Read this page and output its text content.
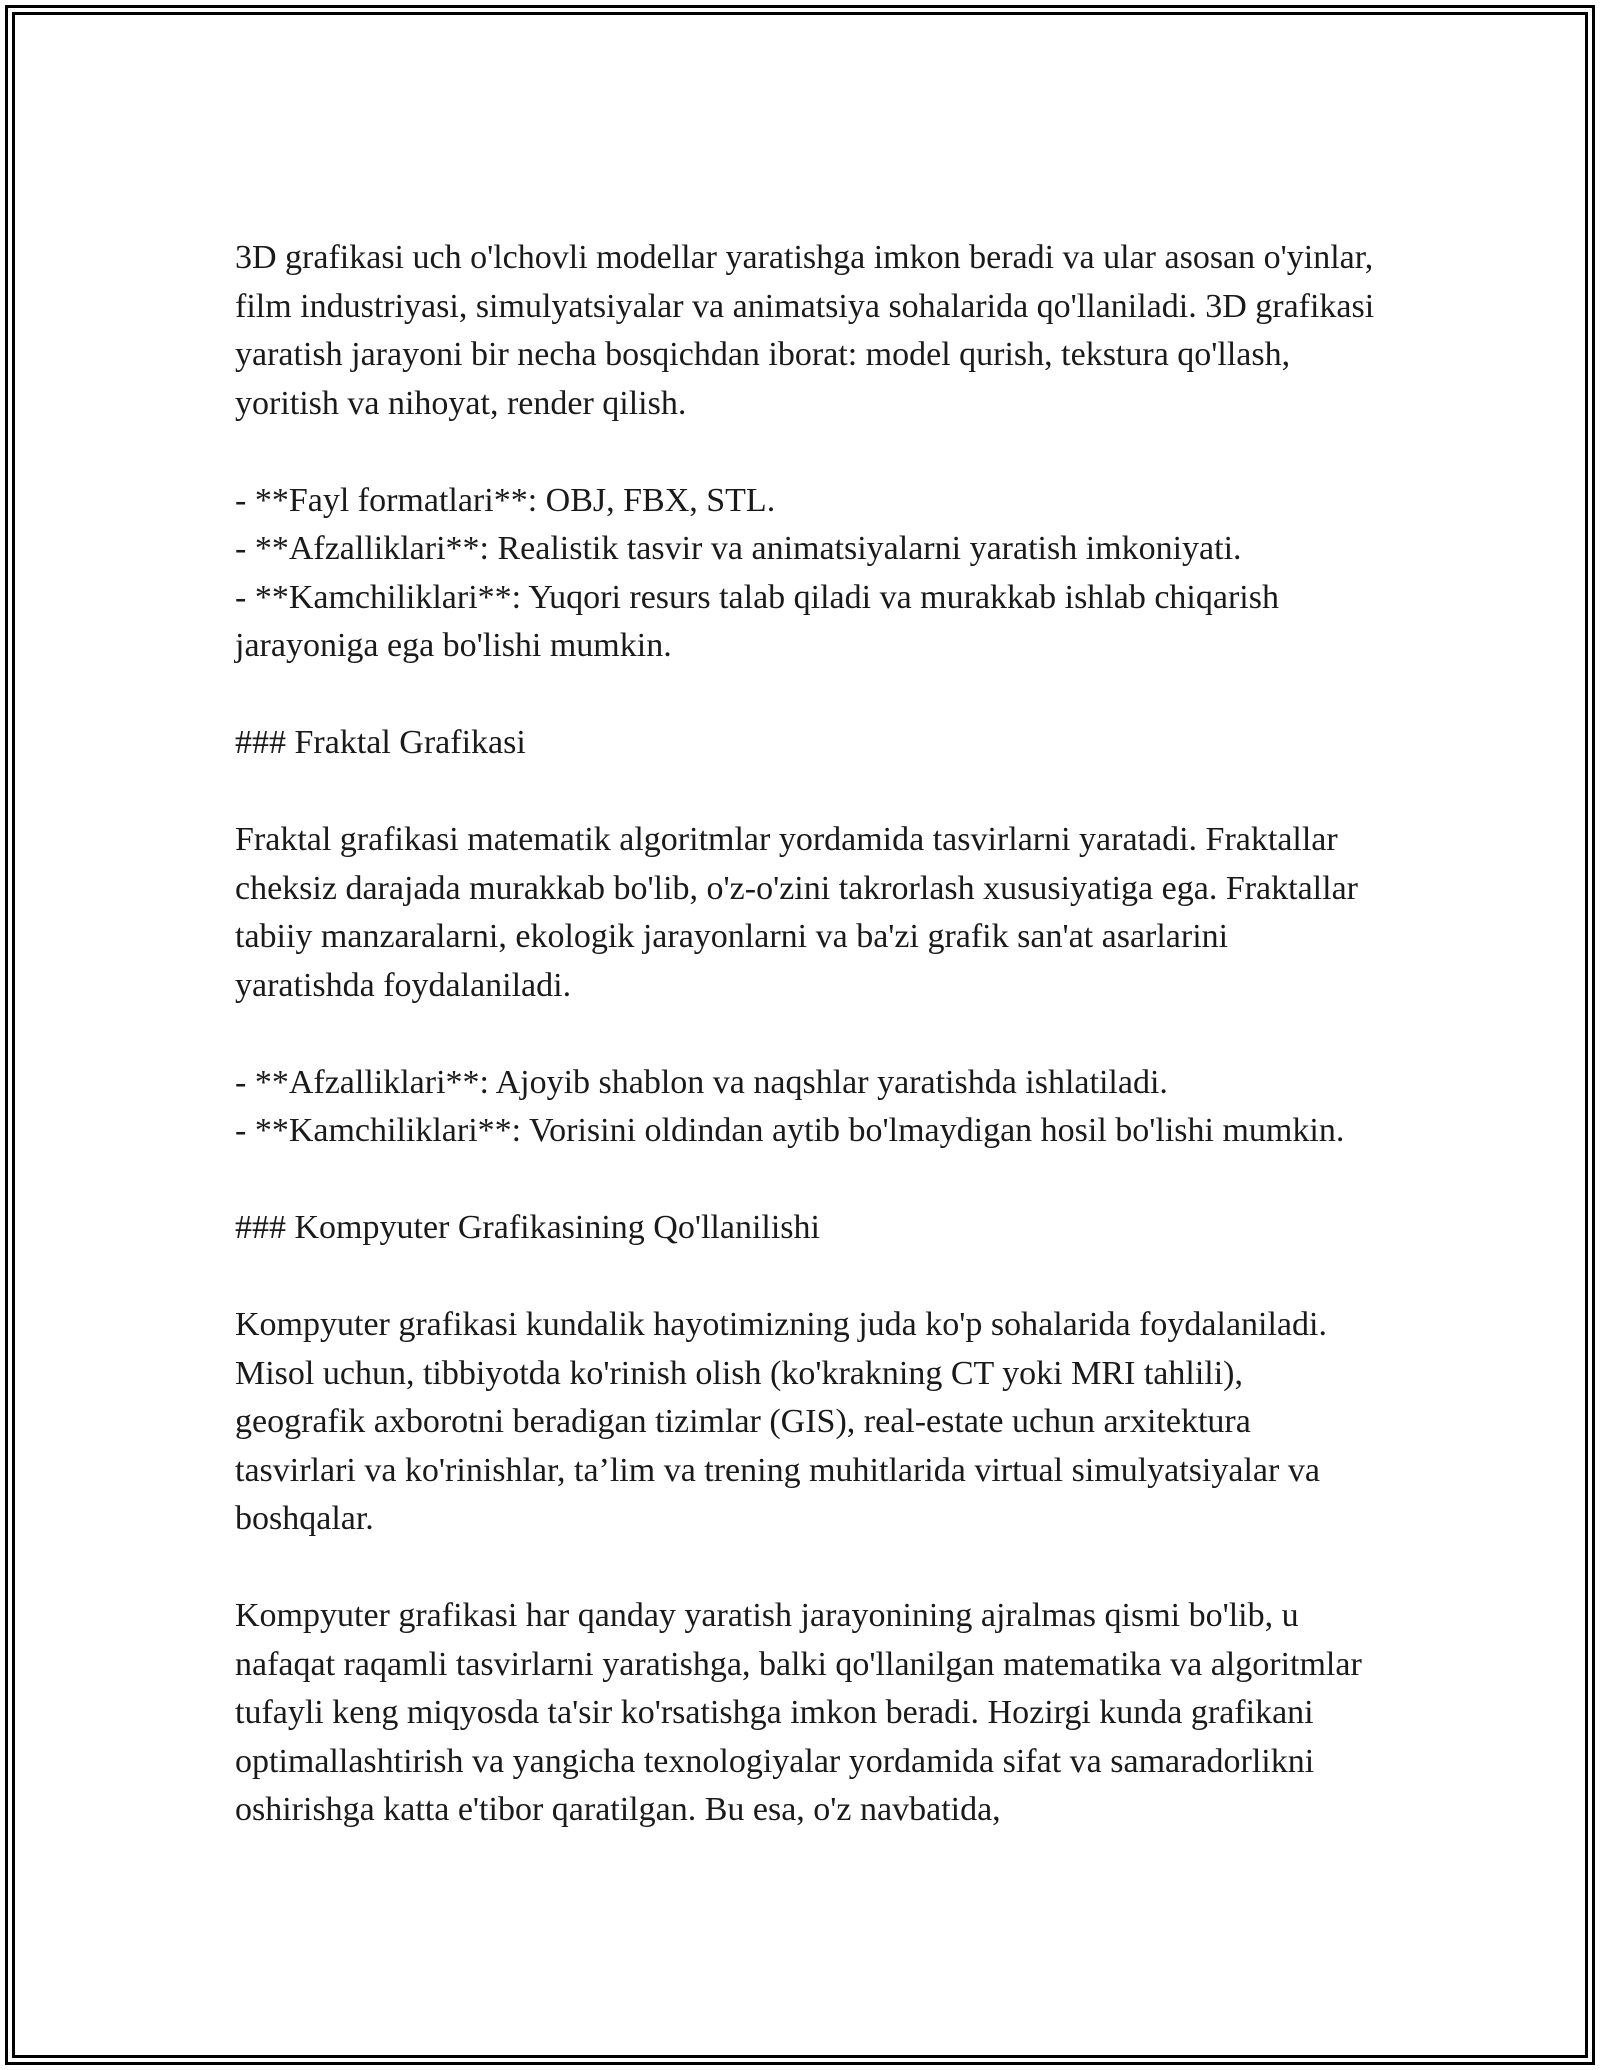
3D grafikasi uch o'lchovli modellar yaratishga imkon beradi va ular asosan o'yinlar, film industriyasi, simulyatsiyalar va animatsiya sohalarida qo'llaniladi. 3D grafikasi yaratish jarayoni bir necha bosqichdan iborat: model qurish, tekstura qo'llash, yoritish va nihoyat, render qilish.

- **Fayl formatlari**: OBJ, FBX, STL.
- **Afzalliklari**: Realistik tasvir va animatsiyalarni yaratish imkoniyati.
- **Kamchiliklari**: Yuqori resurs talab qiladi va murakkab ishlab chiqarish jarayoniga ega bo'lishi mumkin.

### Fraktal Grafikasi

Fraktal grafikasi matematik algoritmlar yordamida tasvirlarni yaratadi. Fraktallar cheksiz darajada murakkab bo'lib, o'z-o'zini takrorlash xususiyatiga ega. Fraktallar tabiiy manzaralarni, ekologik jarayonlarni va ba'zi grafik san'at asarlarini yaratishda foydalaniladi.

- **Afzalliklari**: Ajoyib shablon va naqshlar yaratishda ishlatiladi.
- **Kamchiliklari**: Vorisini oldindan aytib bo'lmaydigan hosil bo'lishi mumkin.

### Kompyuter Grafikasining Qo'llanilishi

Kompyuter grafikasi kundalik hayotimizning juda ko'p sohalarida foydalaniladi. Misol uchun, tibbiyotda ko'rinish olish (ko'krakning CT yoki MRI tahlili), geografik axborotni beradigan tizimlar (GIS), real-estate uchun arxitektura tasvirlari va ko'rinishlar, ta’lim va trening muhitlarida virtual simulyatsiyalar va boshqalar.

Kompyuter grafikasi har qanday yaratish jarayonining ajralmas qismi bo'lib, u nafaqat raqamli tasvirlarni yaratishga, balki qo'llanilgan matematika va algoritmlar tufayli keng miqyosda ta'sir ko'rsatishga imkon beradi. Hozirgi kunda grafikani optimallashtirish va yangicha texnologiyalar yordamida sifat va samaradorlikni oshirishga katta e'tibor qaratilgan. Bu esa, o'z navbatida,
